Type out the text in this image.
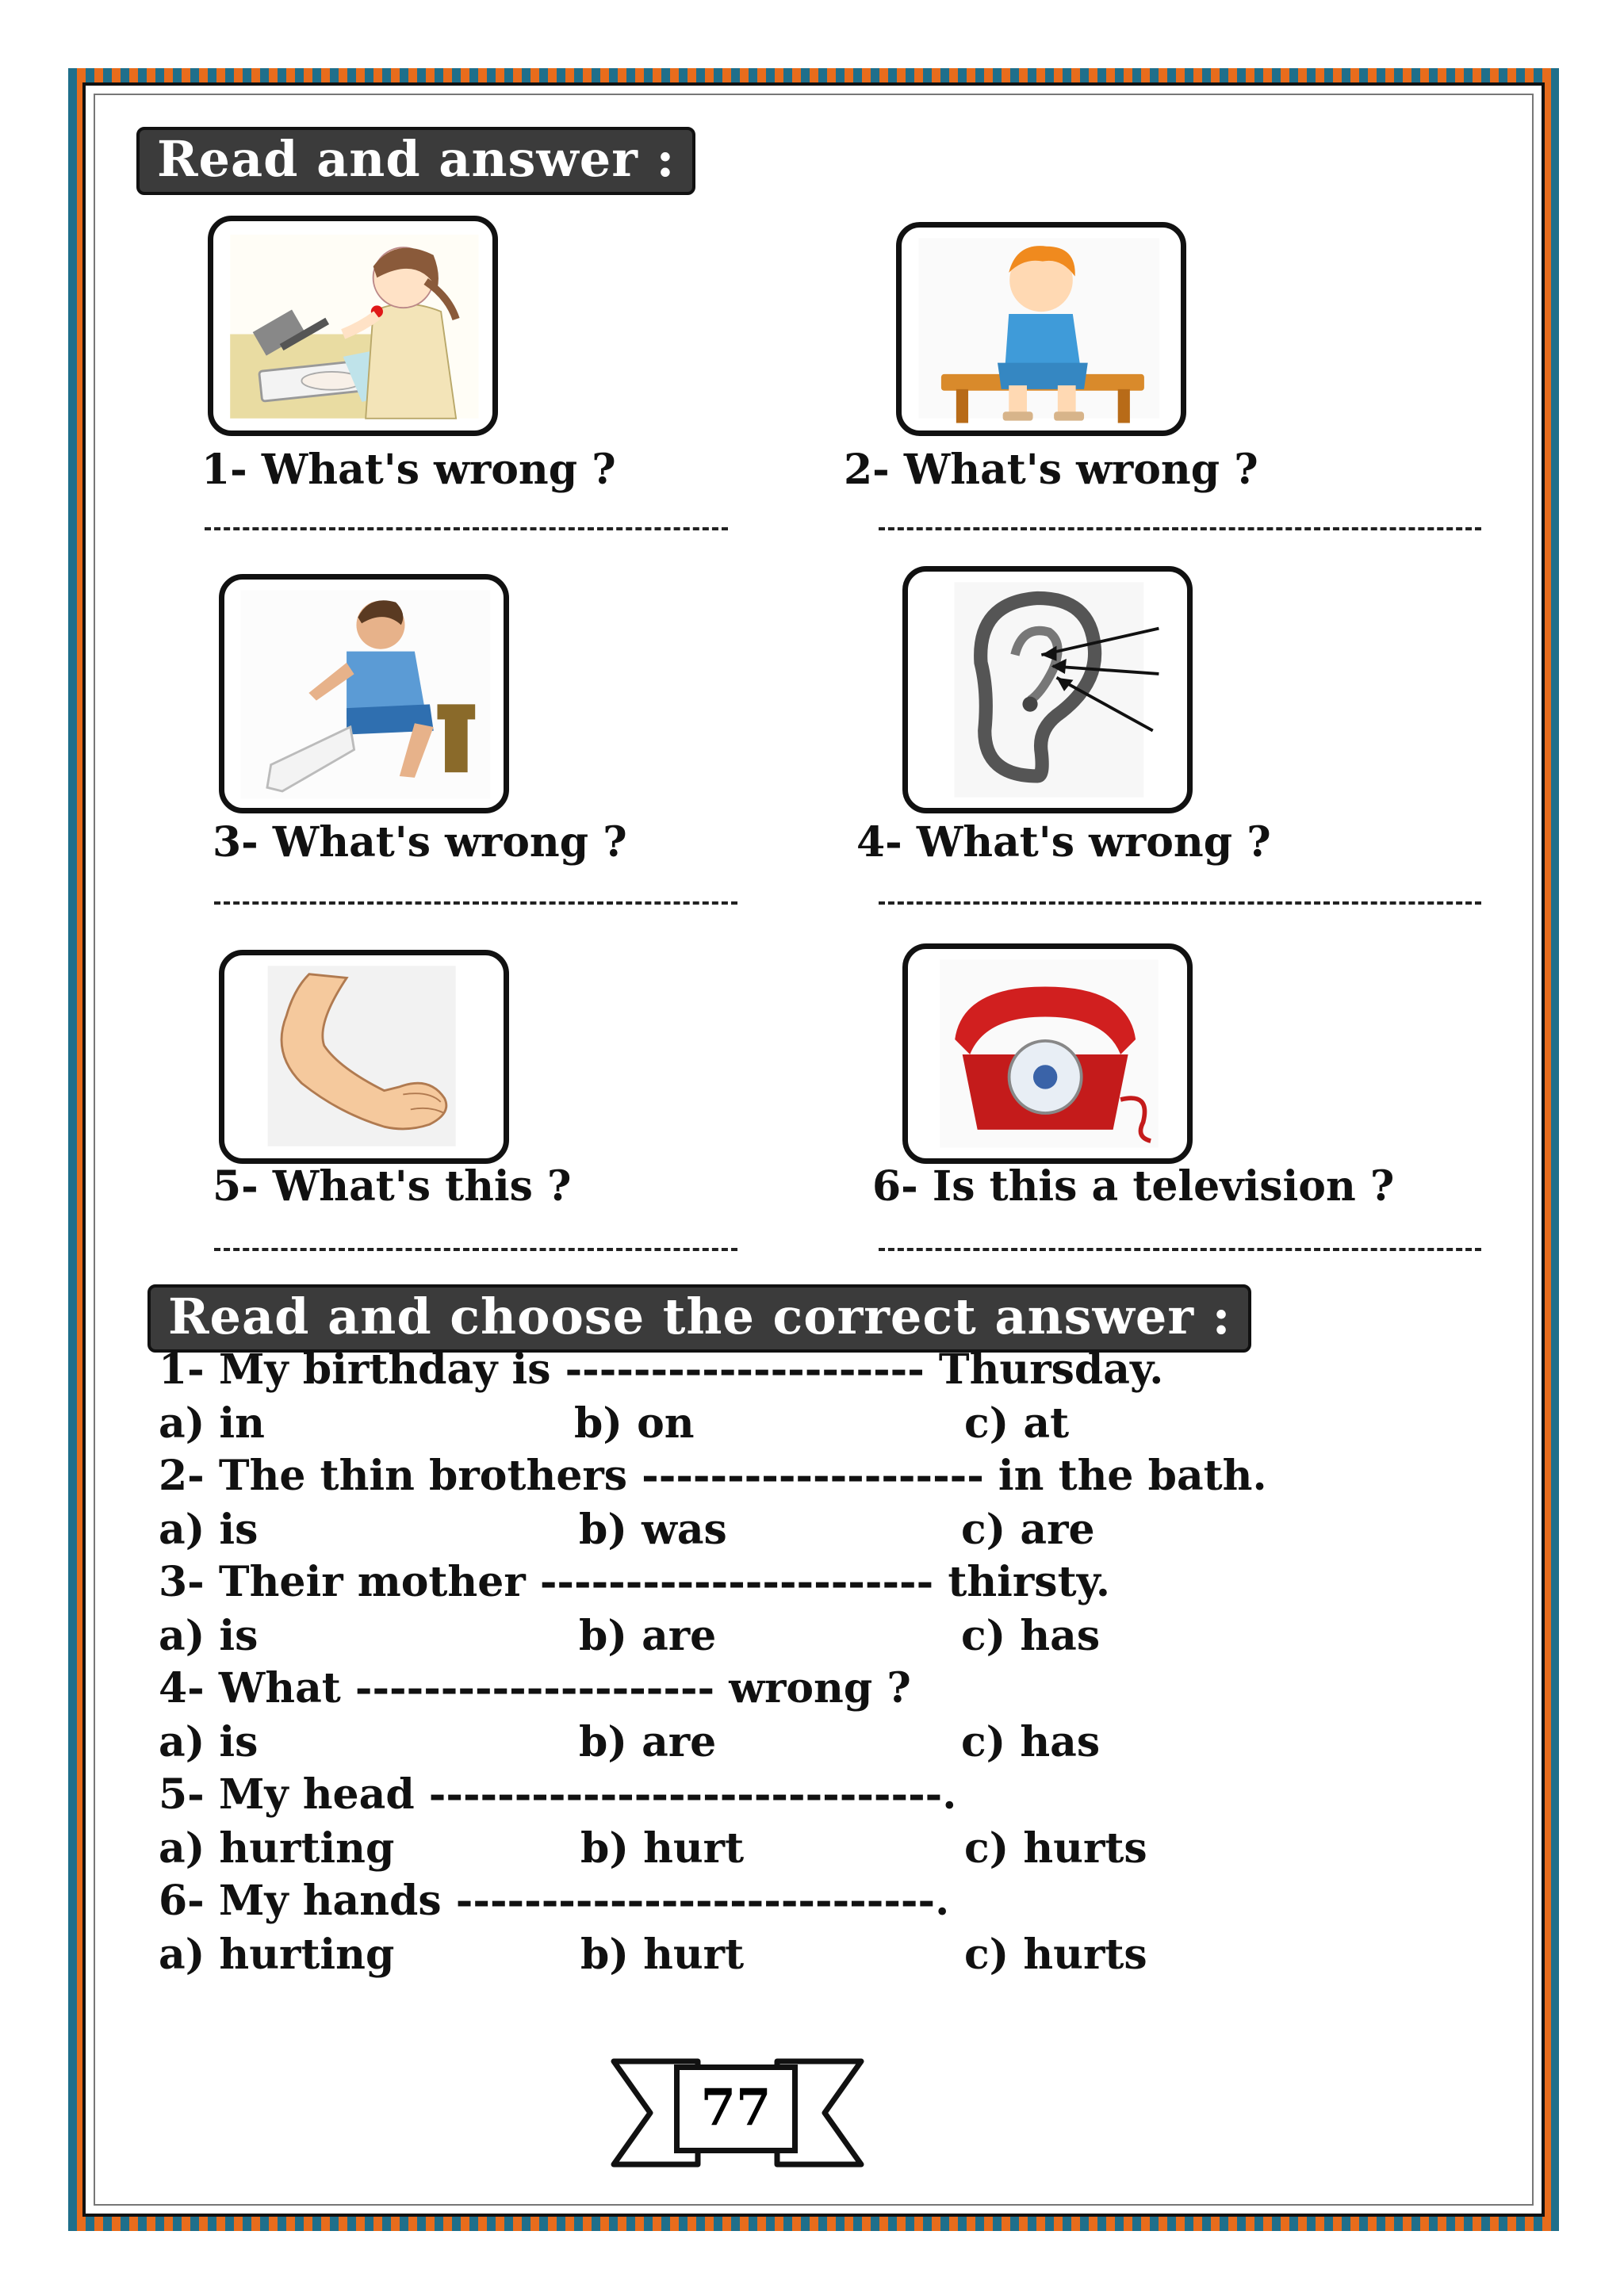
Read and answer :
1- What's wrong ?	2- What's wrong ?
3- What's wrong ?	4- What's wrong ?
5- What's this ?	6- Is this a television ?
Read and choose the correct answer :
1- My birthday is --------------------- Thursday.
a) in	b) on	c) at
2- The thin brothers -------------------- in the bath.
a) is	b) was	c) are
3- Their mother ----------------------- thirsty.
a) is	b) are	c) has
4- What --------------------- wrong ?
a) is	b) are	c) has
5- My head ------------------------------.
a) hurting	b) hurt	c) hurts
6- My hands ----------------------------.
a) hurting	b) hurt	c) hurts
77
